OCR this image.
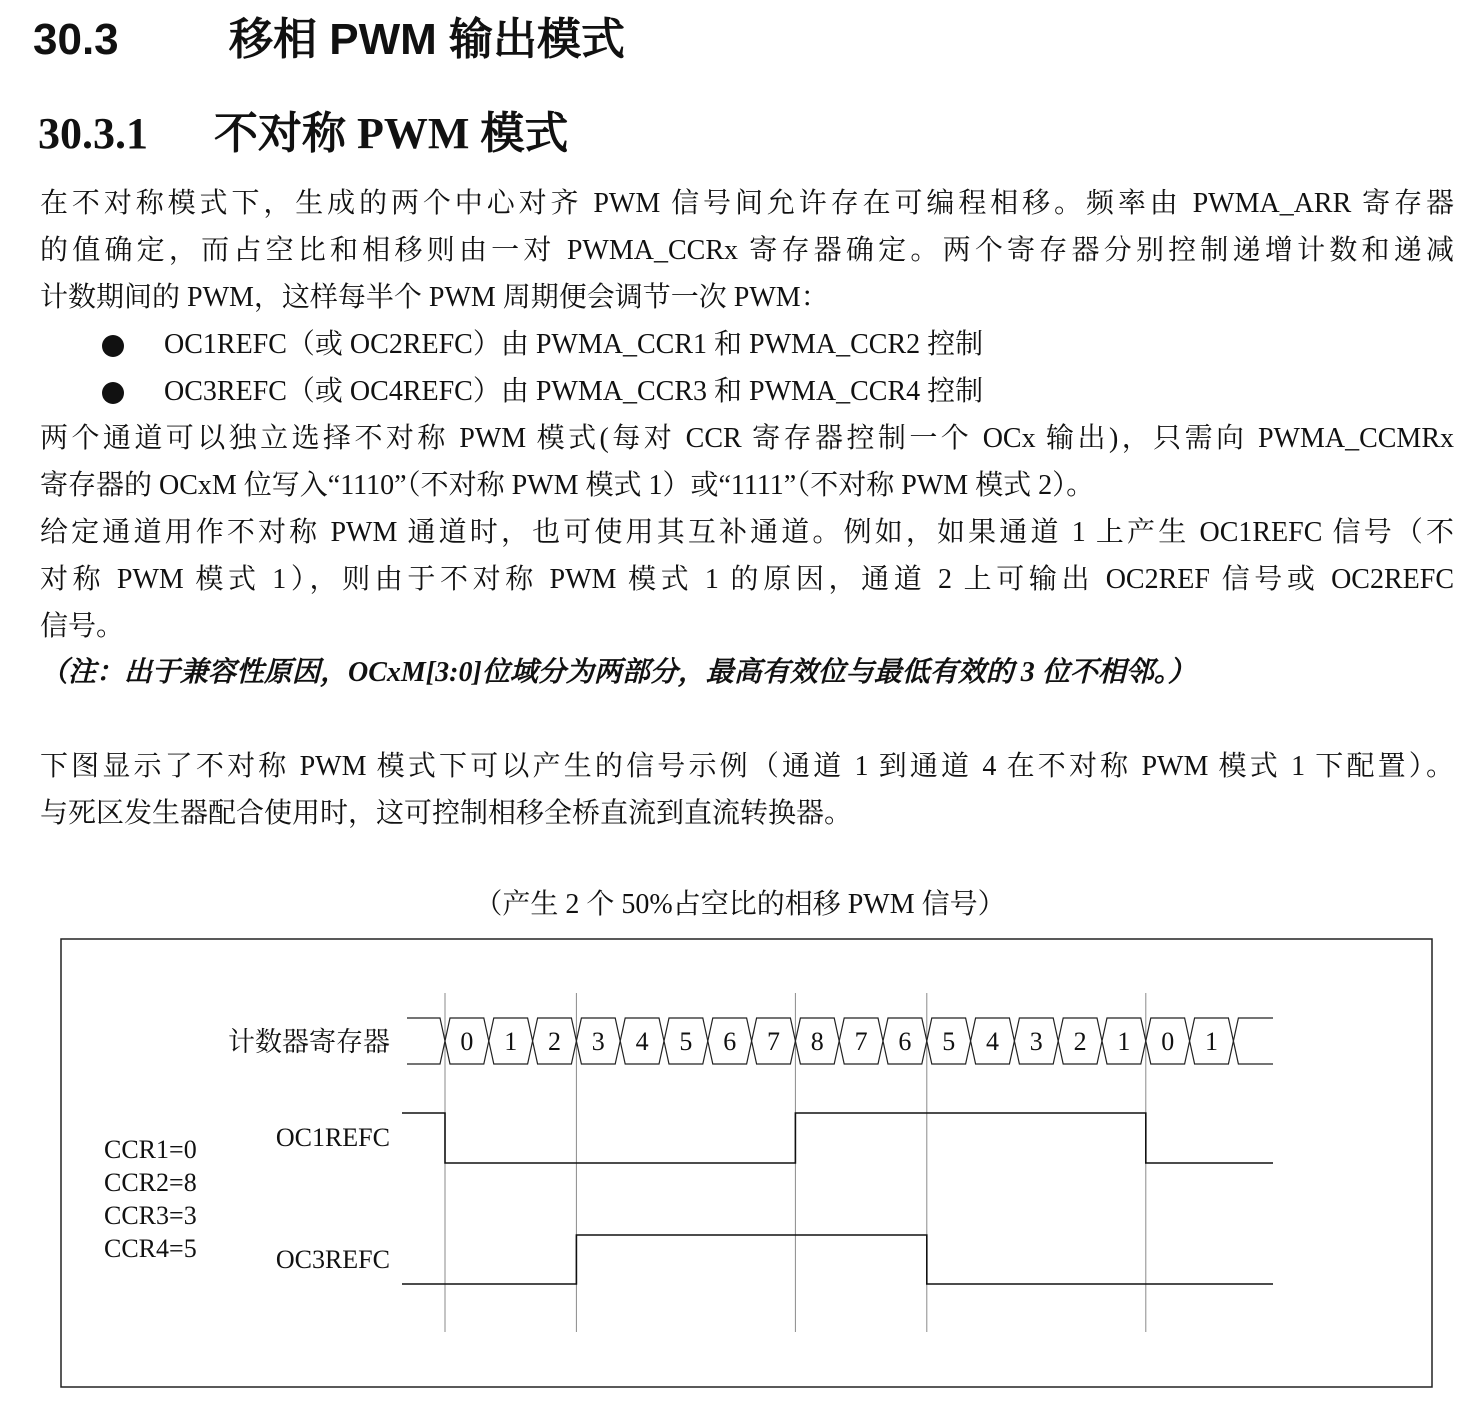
30.3	移相 PWM 输出模式
30.3.1 不对称 PWM 模式
在不对称模式下，生成的两个中心对齐 PWM 信号间允许存在可编程相移。频率由 PWMA_ARR 寄存器
的值确定，而占空比和相移则由一对 PWMA_CCRx 寄存器确定。两个寄存器分别控制递增计数和递减
计数期间的 PWM，这样每半个 PWM 周期便会调节一次 PWM：
OC1REFC（或 OC2REFC）由 PWMA_CCR1 和 PWMA_CCR2 控制
OC3REFC（或 OC4REFC）由 PWMA_CCR3 和 PWMA_CCR4 控制
两个通道可以独立选择不对称 PWM 模式(每对 CCR 寄存器控制一个 OCx 输出)，只需向 PWMA_CCMRx
寄存器的 OCxM 位写入“1110”（不对称 PWM 模式 1）或“1111”（不对称 PWM 模式 2）。
给定通道用作不对称 PWM 通道时，也可使用其互补通道。例如，如果通道 1 上产生 OC1REFC 信号（不
对称 PWM 模式 1），则由于不对称 PWM 模式 1 的原因，通道 2 上可输出 OC2REF 信号或 OC2REFC
信号。
（注：出于兼容性原因，OCxM[3:0]位域分为两部分，最高有效位与最低有效的 3 位不相邻。）
下图显示了不对称 PWM 模式下可以产生的信号示例（通道 1 到通道 4 在不对称 PWM 模式 1 下配置）。
与死区发生器配合使用时，这可控制相移全桥直流到直流转换器。
（产生 2 个 50%占空比的相移 PWM 信号）
计数器寄存器	0 1 2 3 4 5 6 7 8 7 6 5 4 3 2 1 0 1
OC1REFC
OC3REFC
CCR1=0
CCR2=8
CCR3=3
CCR4=5
